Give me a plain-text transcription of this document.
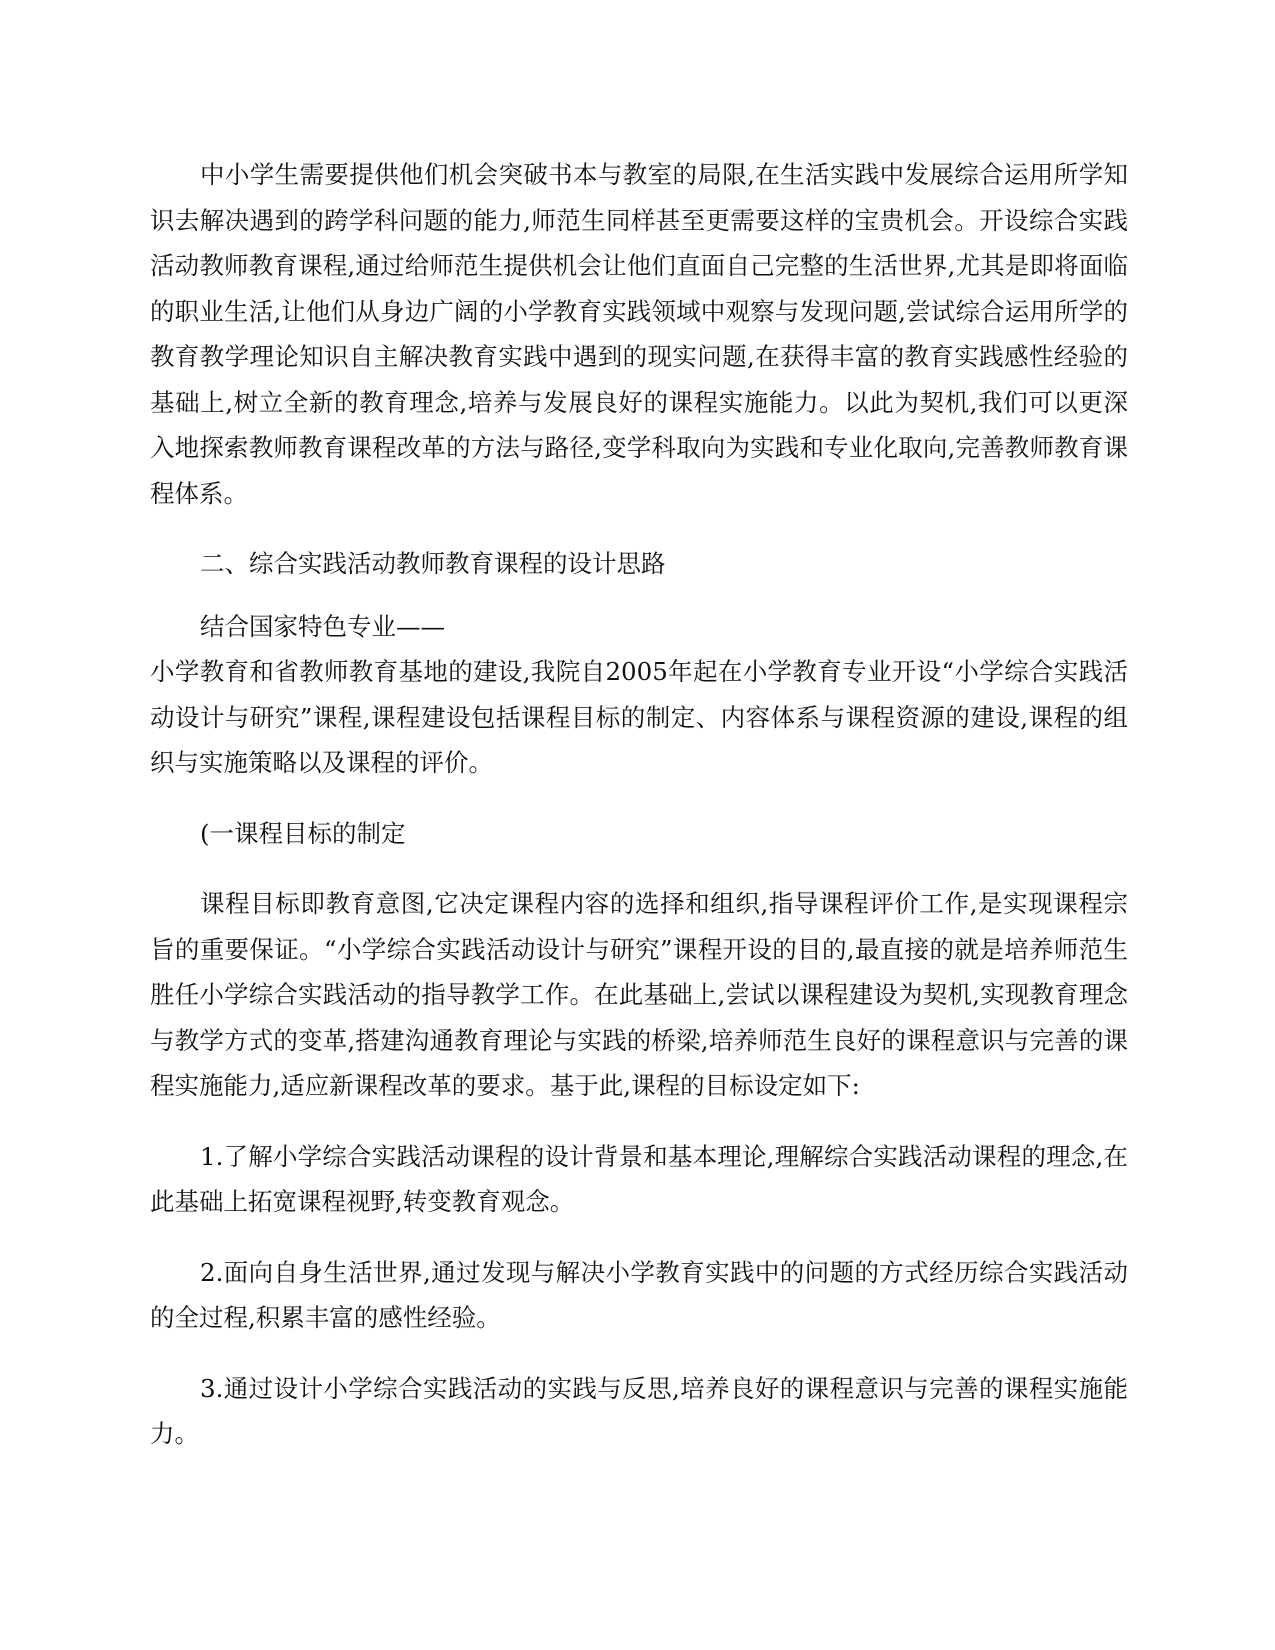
中小学生需要提供他们机会突破书本与教室的局限,在生活实践中发展综合运用所学知识去解决遇到的跨学科问题的能力,师范生同样甚至更需要这样的宝贵机会。开设综合实践活动教师教育课程,通过给师范生提供机会让他们直面自己完整的生活世界,尤其是即将面临的职业生活,让他们从身边广阔的小学教育实践领域中观察与发现问题,尝试综合运用所学的教育教学理论知识自主解决教育实践中遇到的现实问题,在获得丰富的教育实践感性经验的基础上,树立全新的教育理念,培养与发展良好的课程实施能力。以此为契机,我们可以更深入地探索教师教育课程改革的方法与路径,变学科取向为实践和专业化取向,完善教师教育课程体系。

二、综合实践活动教师教育课程的设计思路

结合国家特色专业——

小学教育和省教师教育基地的建设,我院自2005年起在小学教育专业开设“小学综合实践活动设计与研究”课程,课程建设包括课程目标的制定、内容体系与课程资源的建设,课程的组织与实施策略以及课程的评价。

(一课程目标的制定

课程目标即教育意图,它决定课程内容的选择和组织,指导课程评价工作,是实现课程宗旨的重要保证。“小学综合实践活动设计与研究”课程开设的目的,最直接的就是培养师范生胜任小学综合实践活动的指导教学工作。在此基础上,尝试以课程建设为契机,实现教育理念与教学方式的变革,搭建沟通教育理论与实践的桥梁,培养师范生良好的课程意识与完善的课程实施能力,适应新课程改革的要求。基于此,课程的目标设定如下:

1.了解小学综合实践活动课程的设计背景和基本理论,理解综合实践活动课程的理念,在此基础上拓宽课程视野,转变教育观念。

2.面向自身生活世界,通过发现与解决小学教育实践中的问题的方式经历综合实践活动的全过程,积累丰富的感性经验。

3.通过设计小学综合实践活动的实践与反思,培养良好的课程意识与完善的课程实施能力。
